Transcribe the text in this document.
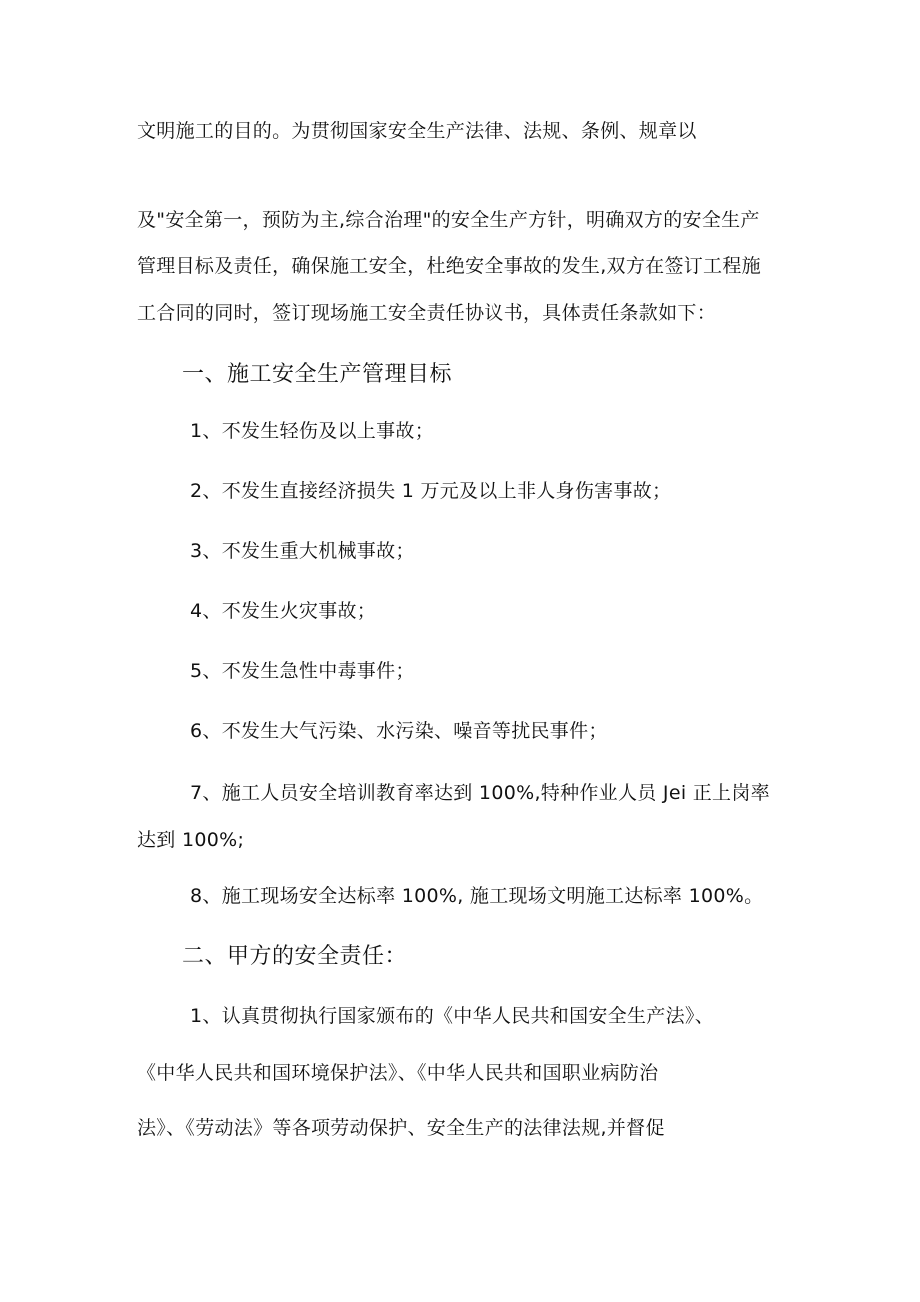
文明施工的目的。为贯彻国家安全生产法律、法规、条例、规章以
及"安全第一，预防为主,综合治理"的安全生产方针，明确双方的安全生产
管理目标及责任，确保施工安全，杜绝安全事故的发生,双方在签订工程施
工合同的同时，签订现场施工安全责任协议书，具体责任条款如下：
一、施工安全生产管理目标
1、不发生轻伤及以上事故；
2、不发生直接经济损失 1 万元及以上非人身伤害事故；
3、不发生重大机械事故；
4、不发生火灾事故；
5、不发生急性中毒事件；
6、不发生大气污染、水污染、噪音等扰民事件；
7、施工人员安全培训教育率达到 100%,特种作业人员 Jei 正上岗率
达到 100%;
8、施工现场安全达标率 100%, 施工现场文明施工达标率 100%。
二、甲方的安全责任：
1、认真贯彻执行国家颁布的《中华人民共和国安全生产法》、
《中华人民共和国环境保护法》、《中华人民共和国职业病防治
法》、《劳动法》等各项劳动保护、安全生产的法律法规,并督促
